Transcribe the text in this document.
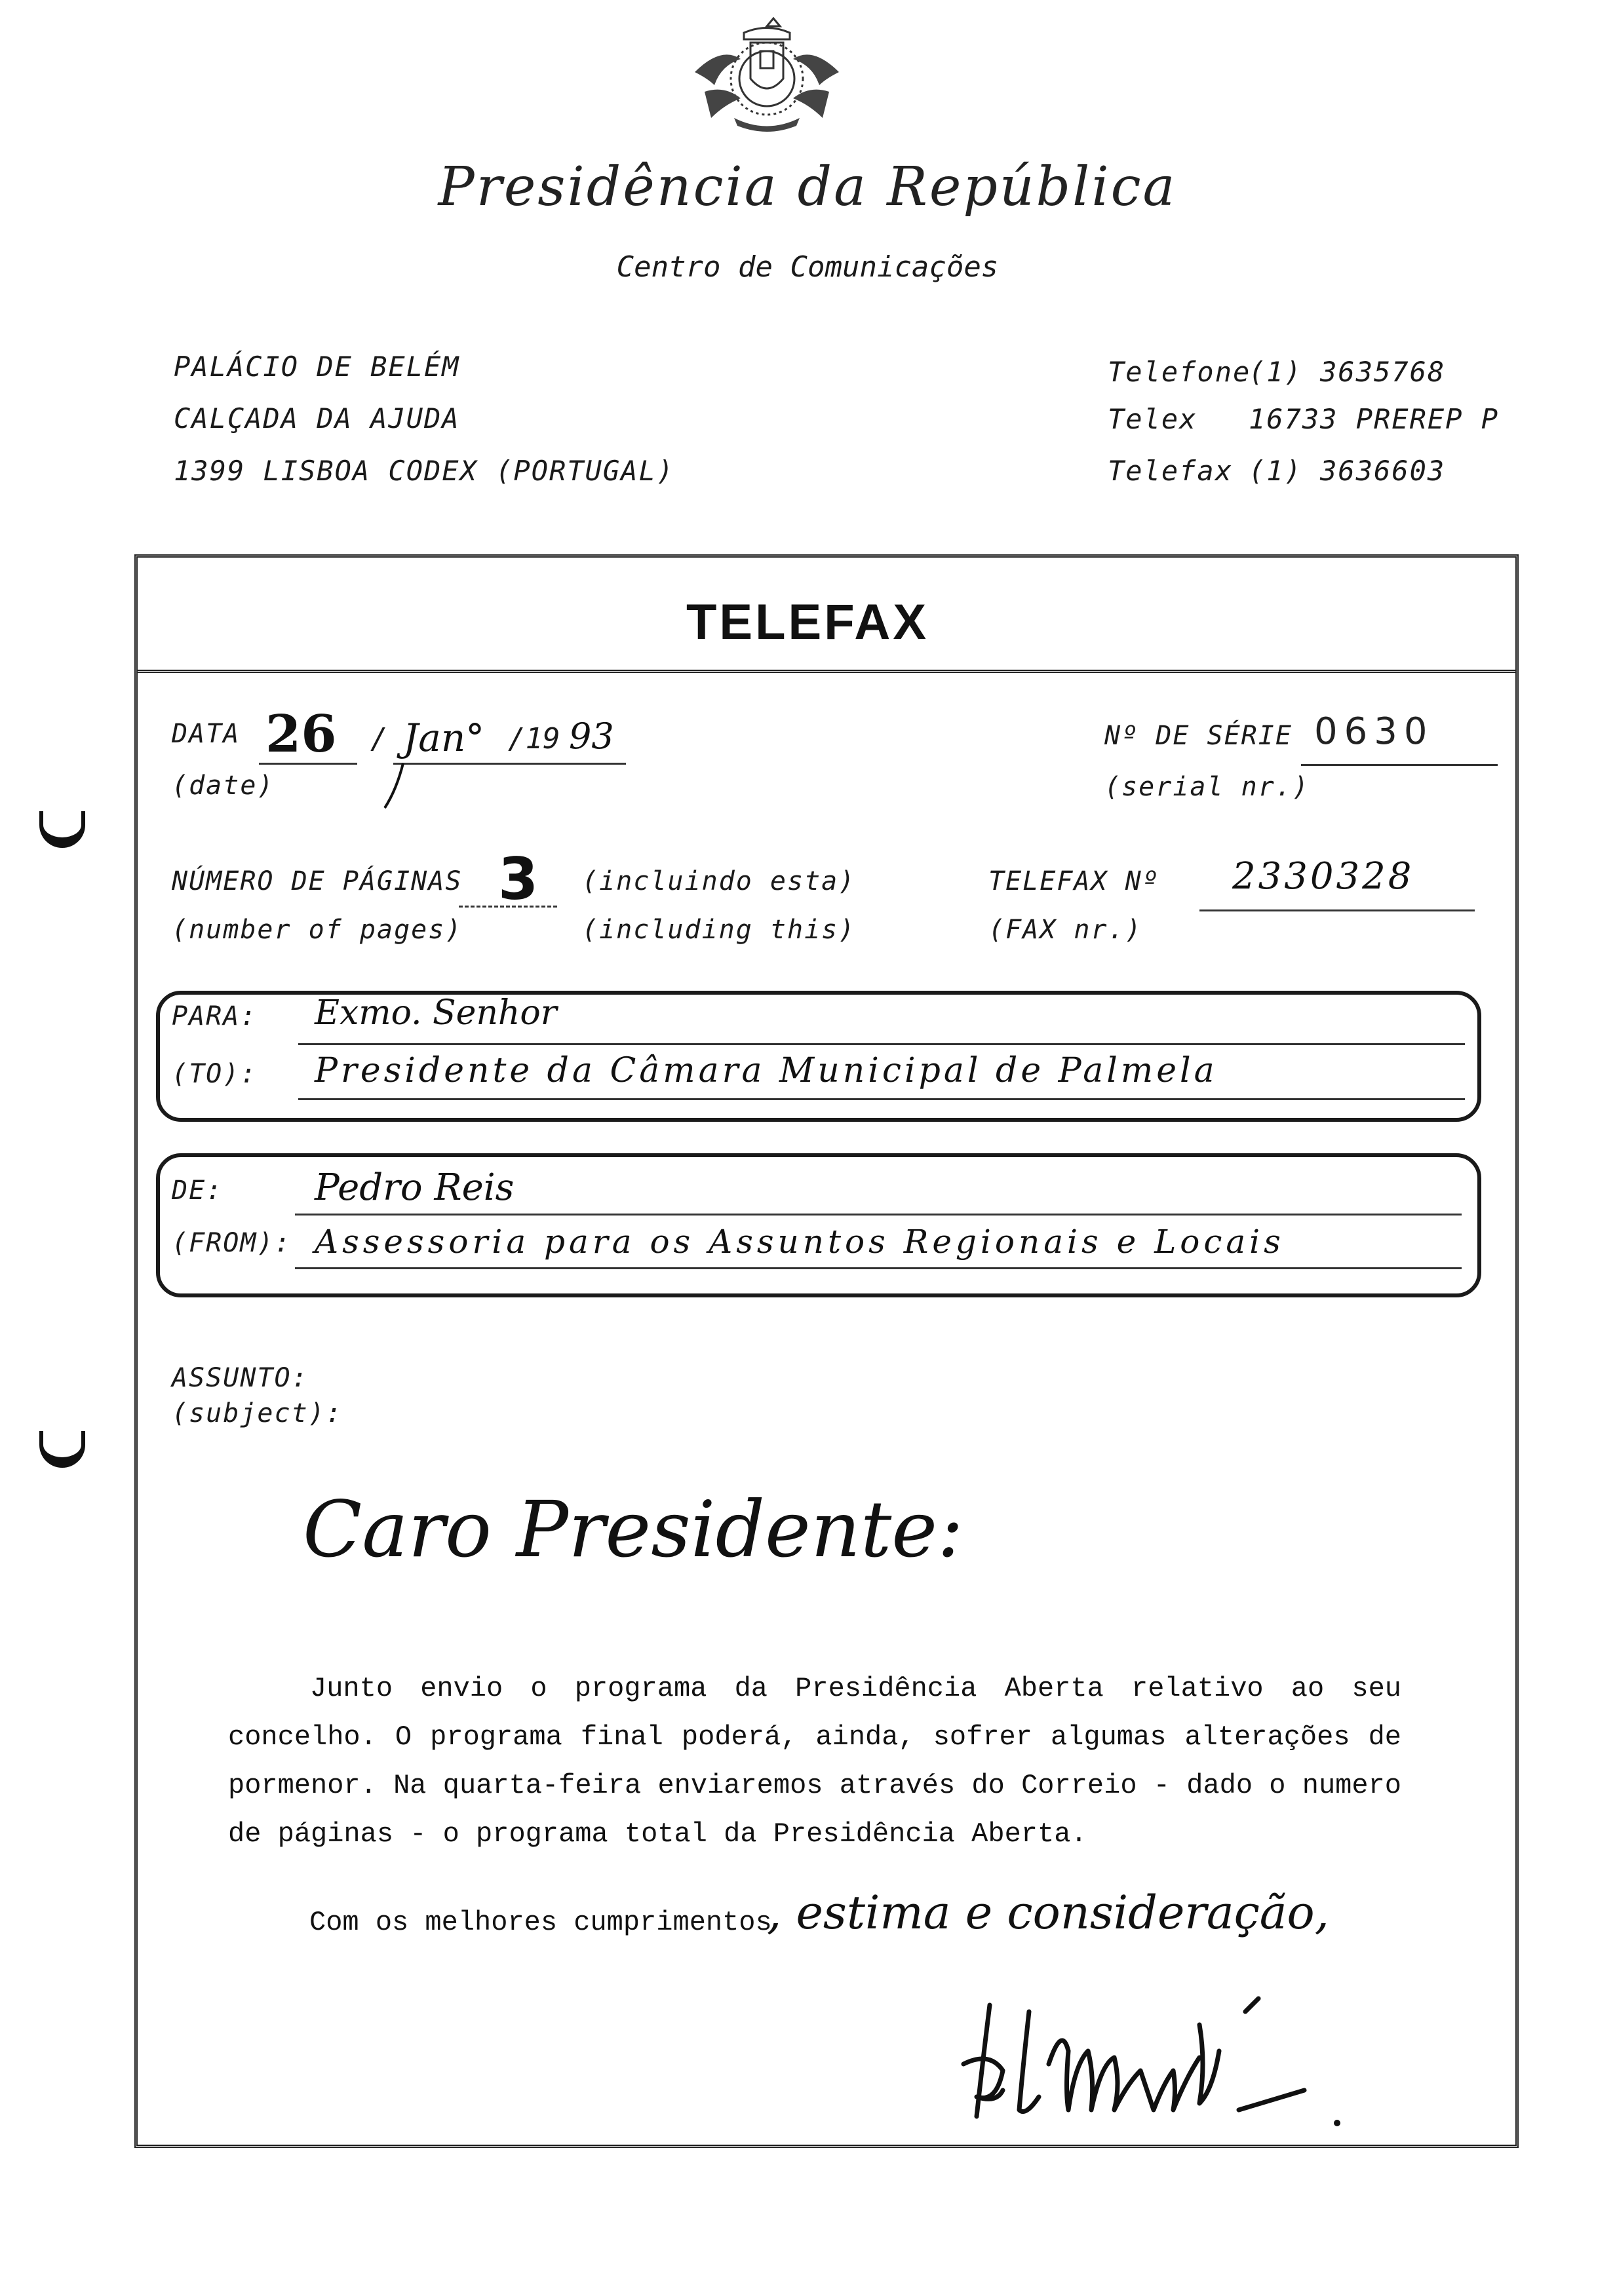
Presidência da República
Centro de Comunicações
PALÁCIO DE BELÉM
CALÇADA DA AJUDA
1399 LISBOA CODEX (PORTUGAL)
Telefone
(1) 3635768
Telex 16733 PREREP P
Telefax (1) 3636603
TELEFAX
DATA
(date)
26 / Jan° /19 93	Nº DE SÉRIE
(serial nr.)
0630
NÚMERO DE PÁGINAS
(number of pages)
3 (incluindo esta)
(including this)
TELEFAX Nº
(FAX nr.)
2330328
PARA:
(TO):
Exmo. Senhor
Presidente da Câmara Municipal de Palmela
DE:
(FROM):
Pedro Reis
Assessoria para os Assuntos Regionais e Locais
ASSUNTO:
(subject):
Caro Presidente:
Junto envio o programa da Presidência Aberta relativo ao seu concelho. O programa final poderá, ainda, sofrer algumas alterações de pormenor. Na quarta-feira enviaremos através do Correio - dado o numero de páginas - o programa total da Presidência Aberta.
Com os melhores cumprimentos
, estima e consideração,
